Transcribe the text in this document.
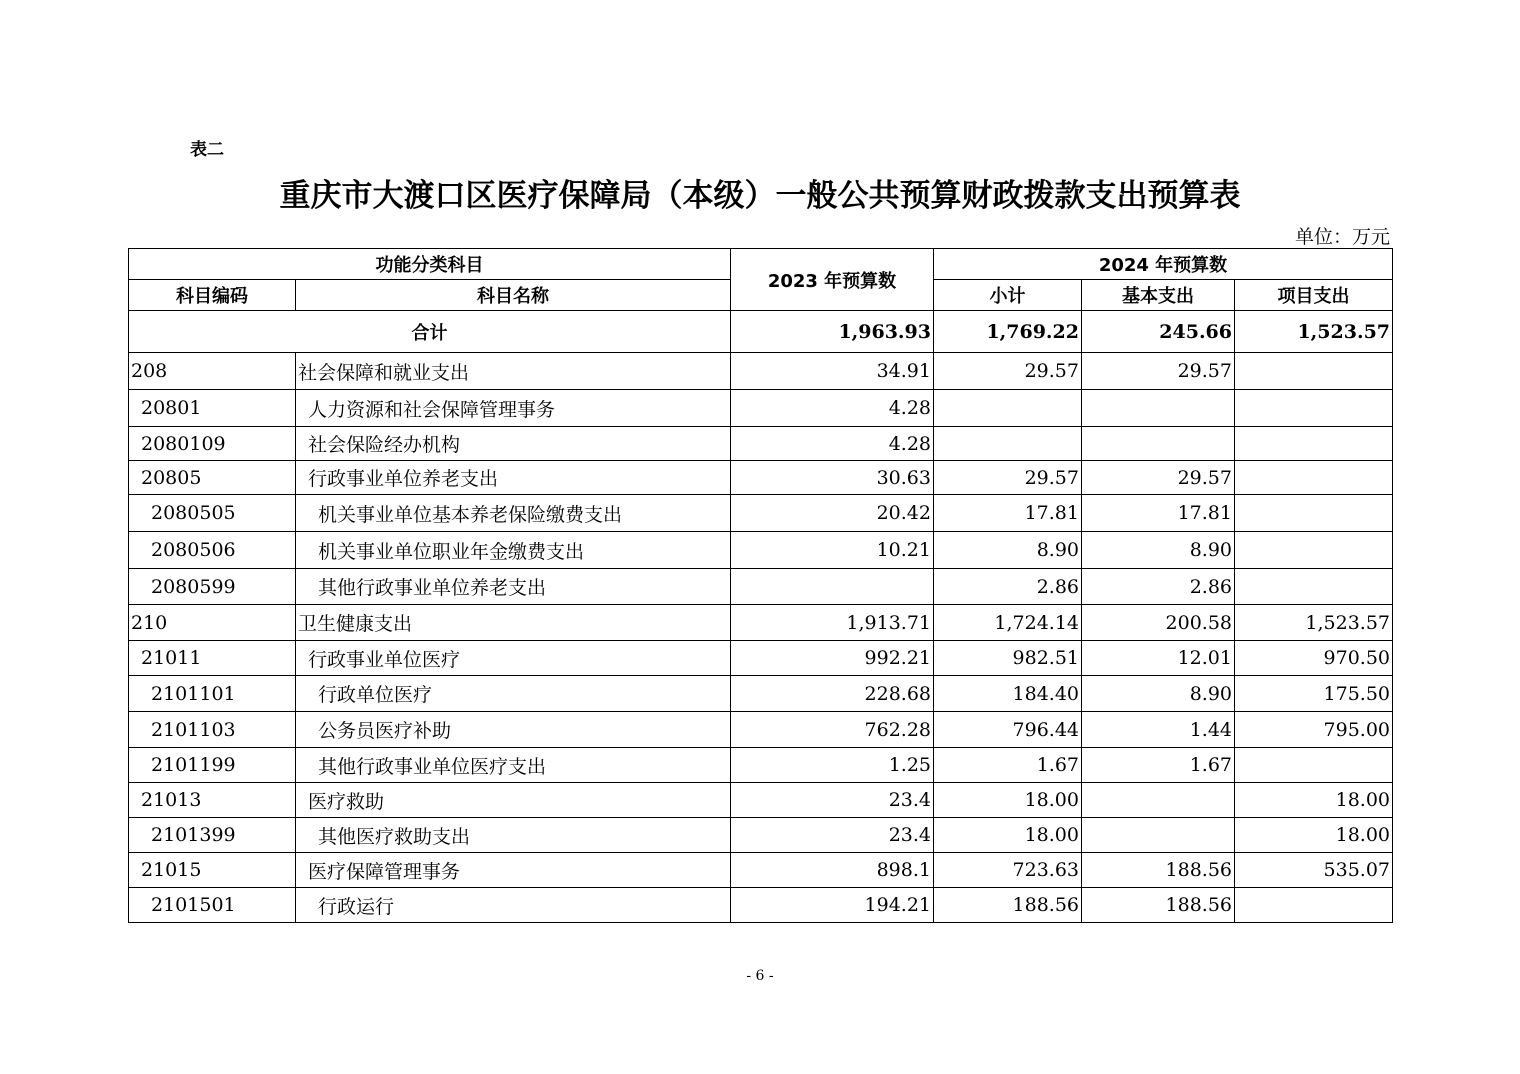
表二
重庆市大渡口区医疗保障局（本级）一般公共预算财政拨款支出预算表
单位：万元
功能分类科目		2023 年预算数	2024 年预算数		
科目编码	科目名称		小计	基本支出	项目支出
合计		1,963.93	1,769.22	245.66	1,523.57
208	社会保障和就业支出	34.91	29.57	29.57	
20801	人力资源和社会保障管理事务	4.28			
2080109	社会保险经办机构	4.28			
20805	行政事业单位养老支出	30.63	29.57	29.57	
2080505	机关事业单位基本养老保险缴费支出	20.42	17.81	17.81	
2080506	机关事业单位职业年金缴费支出	10.21	8.90	8.90	
2080599	其他行政事业单位养老支出		2.86	2.86	
210	卫生健康支出	1,913.71	1,724.14	200.58	1,523.57
21011	行政事业单位医疗	992.21	982.51	12.01	970.50
2101101	行政单位医疗	228.68	184.40	8.90	175.50
2101103	公务员医疗补助	762.28	796.44	1.44	795.00
2101199	其他行政事业单位医疗支出	1.25	1.67	1.67	
21013	医疗救助	23.4	18.00		18.00
2101399	其他医疗救助支出	23.4	18.00		18.00
21015	医疗保障管理事务	898.1	723.63	188.56	535.07
2101501	行政运行	194.21	188.56	188.56	
- 6 -
